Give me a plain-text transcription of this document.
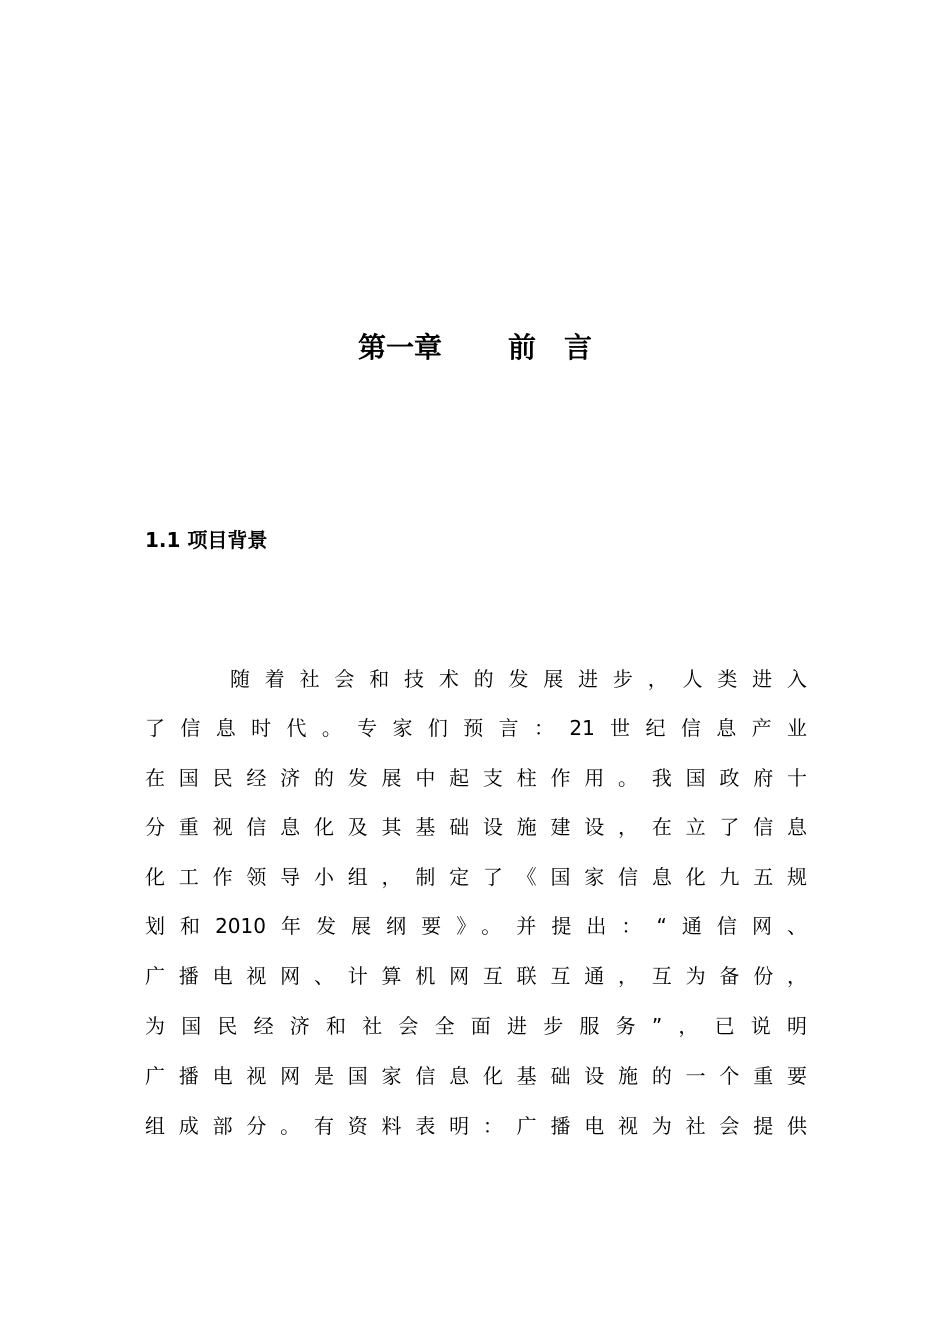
第一章 前　言
1.1 项目背景
随着社会和技术的发展进步，人类进入
了信息时代。专家们预言：21世纪信息产业
在国民经济的发展中起支柱作用。我国政府十
分重视信息化及其基础设施建设，在立了信息
化工作领导小组，制定了《国家信息化九五规
划和2010年发展纲要》。并提出：“通信网、
广播电视网、计算机网互联互通，互为备份，
为国民经济和社会全面进步服务”，已说明
广播电视网是国家信息化基础设施的一个重要
组成部分。有资料表明：广播电视为社会提供
